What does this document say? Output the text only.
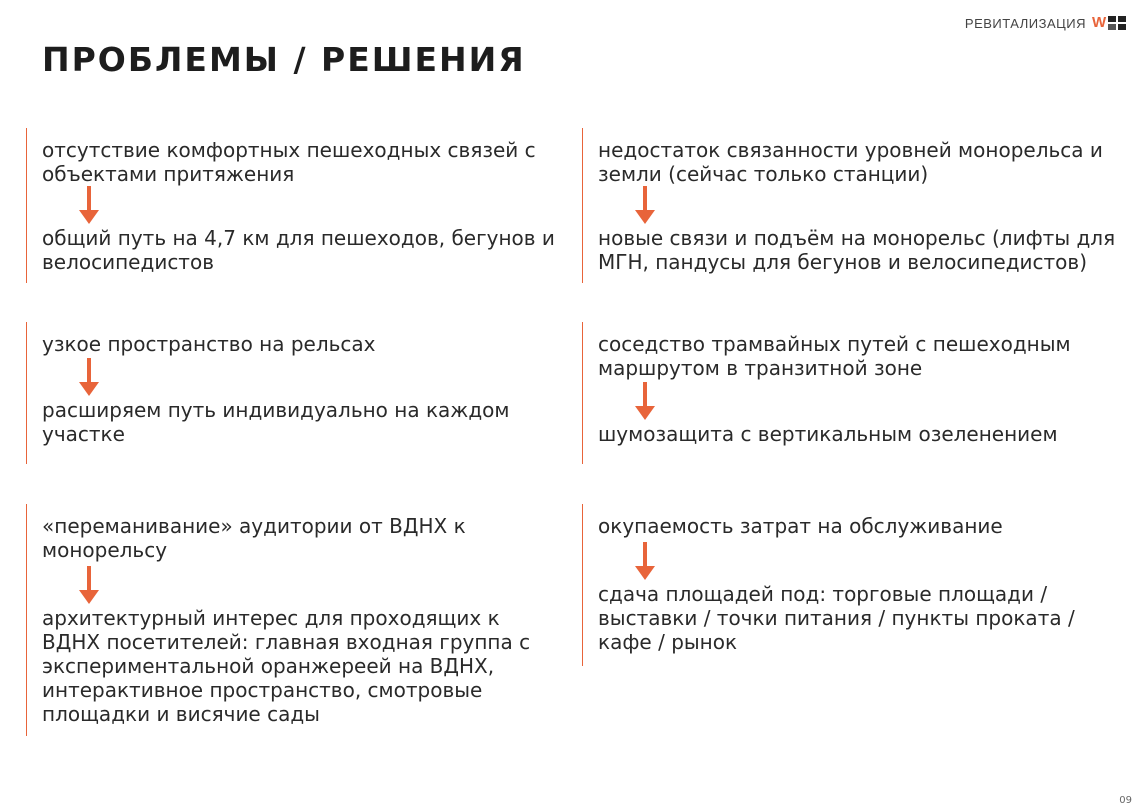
РЕВИТАЛИЗАЦИЯ W
ПРОБЛЕМЫ / РЕШЕНИЯ

отсутствие комфортных пешеходных связей с объектами притяжения

общий путь на 4,7 км для пешеходов, бегунов и велосипедистов

недостаток связанности уровней монорельса и земли (сейчас только станции)

новые связи и подъём на монорельс (лифты для МГН, пандусы для бегунов и велосипедистов)

узкое пространство на рельсах

расширяем путь индивидуально на каждом участке

соседство трамвайных путей с пешеходным маршрутом в транзитной зоне

шумозащита с вертикальным озеленением

«переманивание» аудитории от ВДНХ к монорельсу

архитектурный интерес для проходящих к ВДНХ посетителей: главная входная группа с экспериментальной оранжереей на ВДНХ, интерактивное пространство, смотровые площадки и висячие сады

окупаемость затрат на обслуживание

сдача площадей под: торговые площади / выставки / точки питания / пункты проката / кафе / рынок

09
